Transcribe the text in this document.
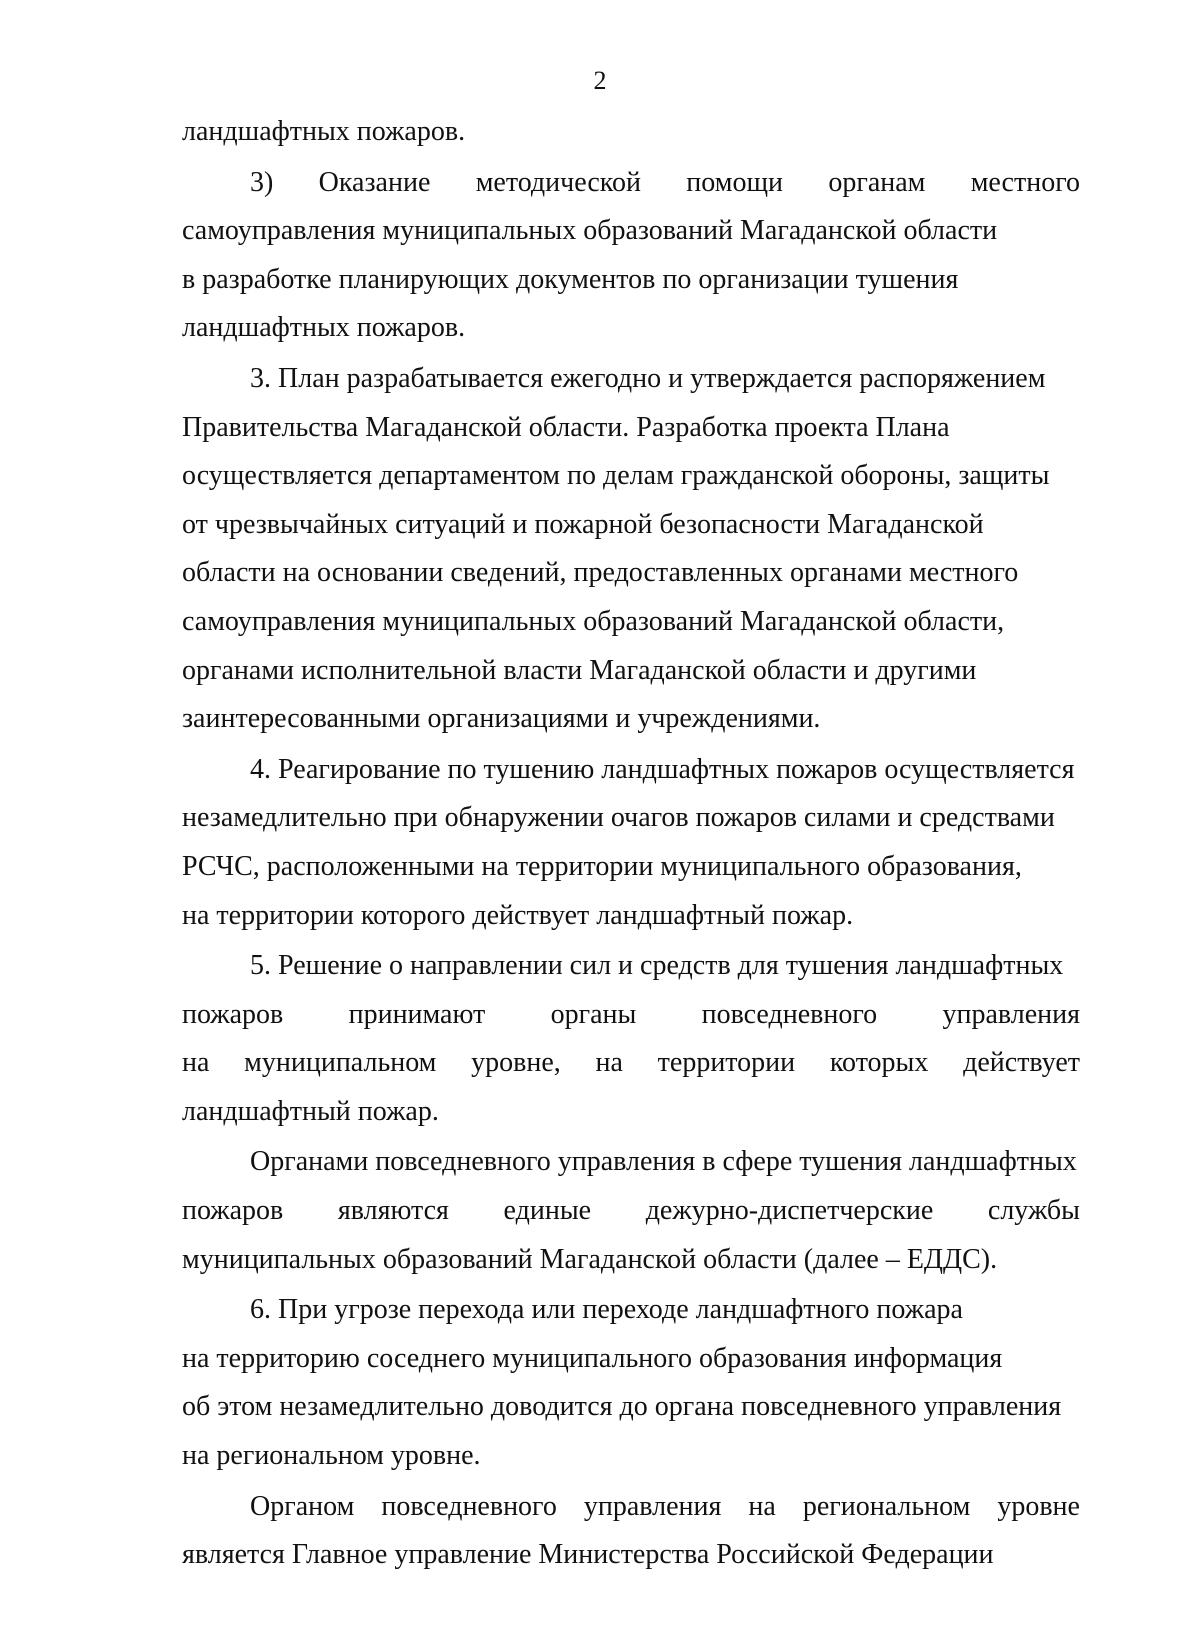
2

ландшафтных пожаров.

3) Оказание методической помощи органам местного
самоуправления муниципальных образований Магаданской области
в разработке планирующих документов по организации тушения
ландшафтных пожаров.

3. План разрабатывается ежегодно и утверждается распоряжением
Правительства Магаданской области. Разработка проекта Плана
осуществляется департаментом по делам гражданской обороны, защиты
от чрезвычайных ситуаций и пожарной безопасности Магаданской
области на основании сведений, предоставленных органами местного
самоуправления муниципальных образований Магаданской области,
органами исполнительной власти Магаданской области и другими
заинтересованными организациями и учреждениями.

4. Реагирование по тушению ландшафтных пожаров осуществляется
незамедлительно при обнаружении очагов пожаров силами и средствами
РСЧС, расположенными на территории муниципального образования,
на территории которого действует ландшафтный пожар.

5. Решение о направлении сил и средств для тушения ландшафтных
пожаров принимают органы повседневного управления
на муниципальном уровне, на территории которых действует
ландшафтный пожар.

Органами повседневного управления в сфере тушения ландшафтных
пожаров являются единые дежурно-диспетчерские службы
муниципальных образований Магаданской области (далее – ЕДДС).

6. При угрозе перехода или переходе ландшафтного пожара
на территорию соседнего муниципального образования информация
об этом незамедлительно доводится до органа повседневного управления
на региональном уровне.

Органом повседневного управления на региональном уровне
является Главное управление Министерства Российской Федерации
